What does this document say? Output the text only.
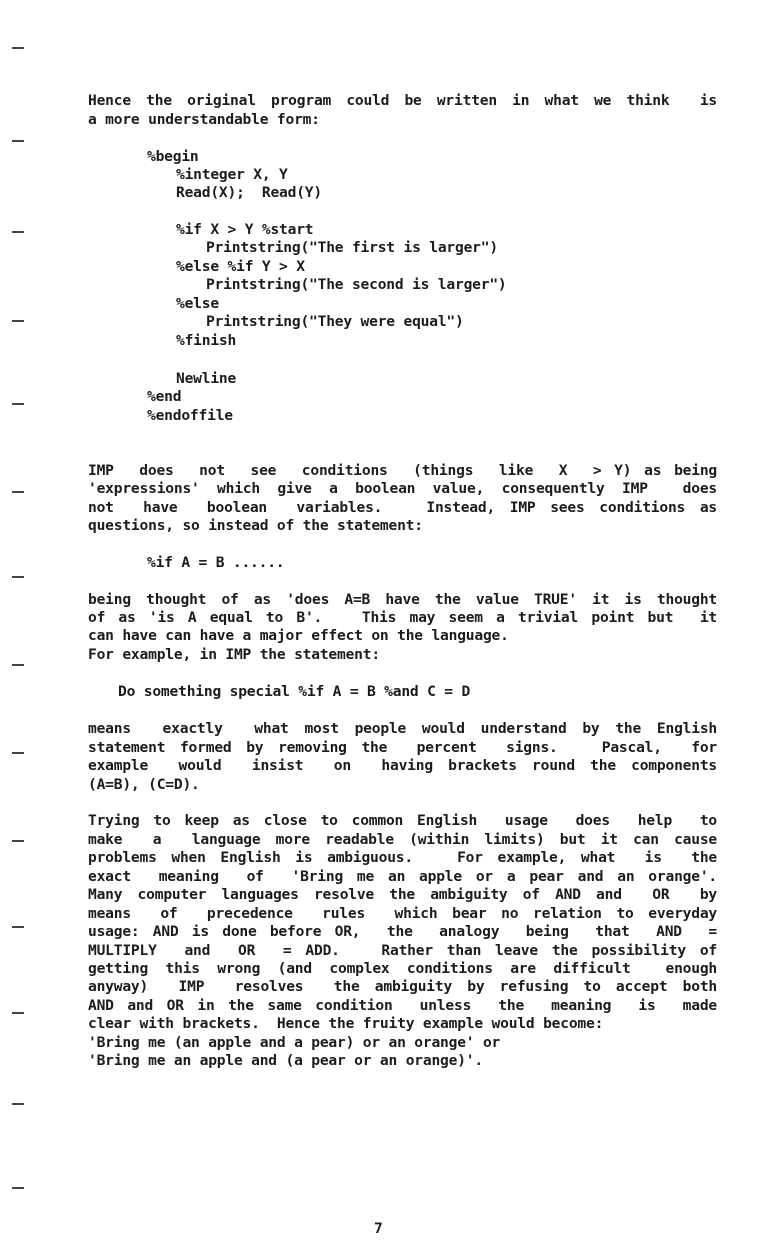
Hence the original program could be written in what we think  is
a more understandable form:
%begin
%integer X, Y
Read(X);  Read(Y)
%if X > Y %start
Printstring("The first is larger")
%else %if Y > X
Printstring("The second is larger")
%else
Printstring("They were equal")
%finish
Newline
%end
%endoffile
IMP  does  not  see  conditions  (things  like  X  > Y) as being
'expressions' which give a boolean value, consequently IMP  does
not  have  boolean  variables.   Instead, IMP sees conditions as
questions, so instead of the statement:
%if A = B ......
being thought of as 'does A=B have the value TRUE' it is thought
of as 'is A equal to B'.   This may seem a trivial point but  it
can have can have a major effect on the language.
For example, in IMP the statement:
Do something special %if A = B %and C = D
means  exactly  what most people would understand by the English
statement formed by removing the  percent  signs.   Pascal,  for
example  would  insist  on  having brackets round the components
(A=B), (C=D).
Trying to keep as close to common English  usage  does  help  to
make  a  language more readable (within limits) but it can cause
problems when English is ambiguous.   For example, what  is  the
exact  meaning  of  'Bring me an apple or a pear and an orange'.
Many computer languages resolve the ambiguity of AND and  OR  by
means  of  precedence  rules  which bear no relation to everyday
usage: AND is done before OR,  the  analogy  being  that  AND  =
MULTIPLY  and  OR  = ADD.   Rather than leave the possibility of
getting this wrong (and complex conditions are difficult  enough
anyway)  IMP  resolves  the ambiguity by refusing to accept both
AND and OR in the same condition  unless  the  meaning  is  made
clear with brackets.  Hence the fruity example would become:
'Bring me (an apple and a pear) or an orange' or
'Bring me an apple and (a pear or an orange)'.
7
